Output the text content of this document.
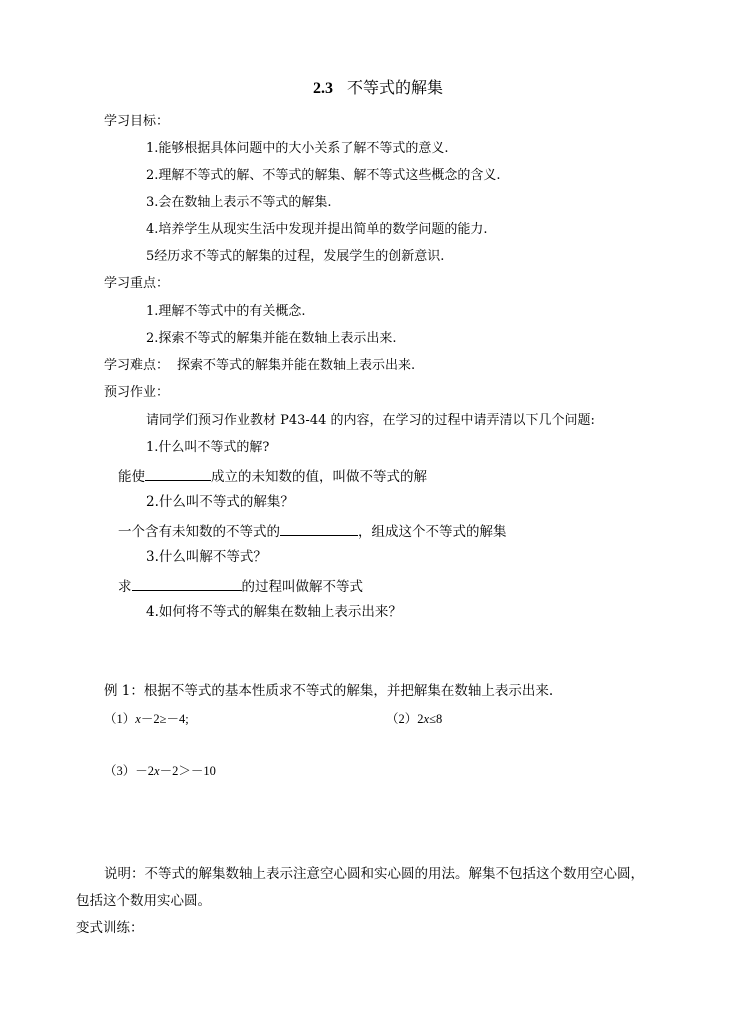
2.3 不等式的解集
学习目标：
1.能够根据具体问题中的大小关系了解不等式的意义.
2.理解不等式的解、不等式的解集、解不等式这些概念的含义.
3.会在数轴上表示不等式的解集.
4.培养学生从现实生活中发现并提出简单的数学问题的能力.
5经历求不等式的解集的过程，发展学生的创新意识.
学习重点：
1.理解不等式中的有关概念.
2.探索不等式的解集并能在数轴上表示出来.
学习难点： 探索不等式的解集并能在数轴上表示出来.
预习作业：
请同学们预习作业教材 P43-44 的内容，在学习的过程中请弄清以下几个问题:
1.什么叫不等式的解?
能使	成立的未知数的值，叫做不等式的解
2.什么叫不等式的解集？
一个含有未知数的不等式的	，组成这个不等式的解集
3.什么叫解不等式？
求	的过程叫做解不等式
4.如何将不等式的解集在数轴上表示出来？
例 1：根据不等式的基本性质求不等式的解集，并把解集在数轴上表示出来.
（1）x－2≥－4;	（2）2x≤8
（3）－2x－2＞－10
说明：不等式的解集数轴上表示注意空心圆和实心圆的用法。解集不包括这个数用空心圆，
包括这个数用实心圆。
变式训练：
